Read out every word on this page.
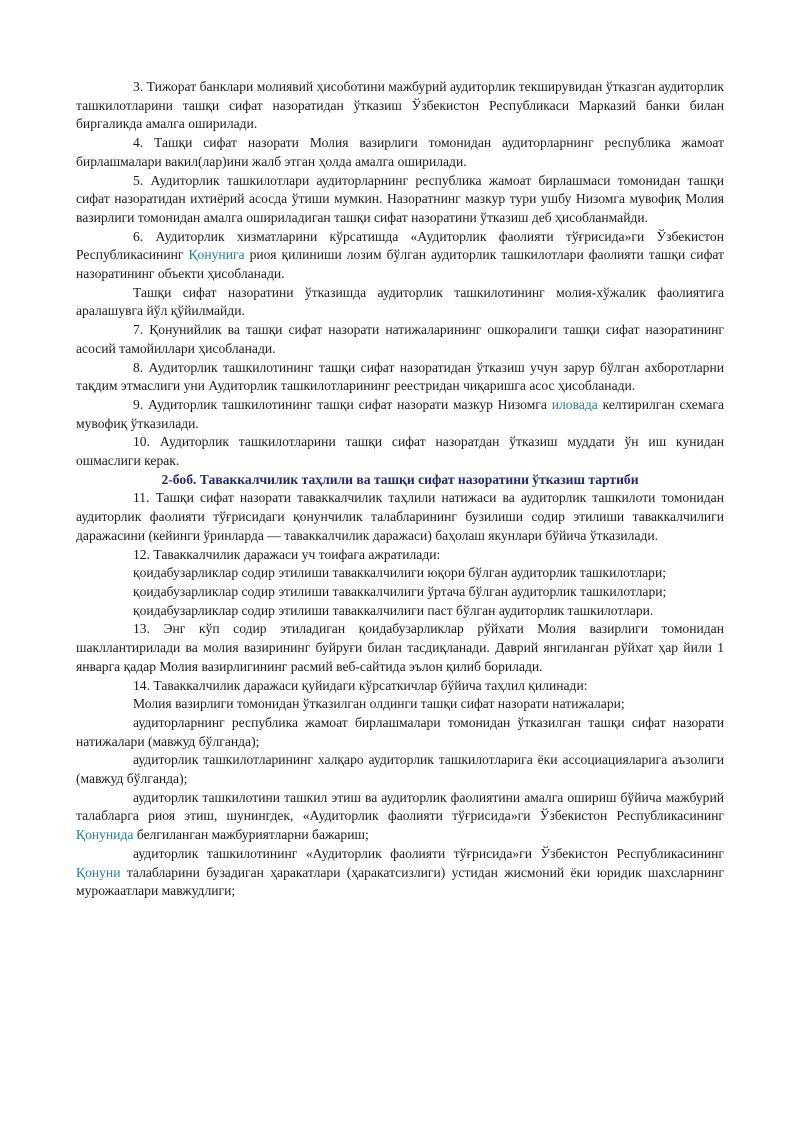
3. Тижорат банклари молиявий ҳисоботини мажбурий аудиторлик текширувидан ўтказган аудиторлик ташкилотларини ташқи сифат назоратидан ўтказиш Ўзбекистон Республикаси Марказий банки билан биргаликда амалга оширилади.

4. Ташқи сифат назорати Молия вазирлиги томонидан аудиторларнинг республика жамоат бирлашмалари вакил(лар)ини жалб этган ҳолда амалга оширилади.

5. Аудиторлик ташкилотлари аудиторларнинг республика жамоат бирлашмаси томонидан ташқи сифат назоратидан ихтиёрий асосда ўтиши мумкин. Назоратнинг мазкур тури ушбу Низомга мувофиқ Молия вазирлиги томонидан амалга ошириладиган ташқи сифат назоратини ўтказиш деб ҳисобланмайди.

6. Аудиторлик хизматларини кўрсатишда «Аудиторлик фаолияти тўғрисида»ги Ўзбекистон Республикасининг Қонунига риоя қилиниши лозим бўлган аудиторлик ташкилотлари фаолияти ташқи сифат назоратининг объекти ҳисобланади.

Ташқи сифат назоратини ўтказишда аудиторлик ташкилотининг молия-хўжалик фаолиятига аралашувга йўл қўйилмайди.

7. Қонунийлик ва ташқи сифат назорати натижаларининг ошкоралиги ташқи сифат назоратининг асосий тамойиллари ҳисобланади.

8. Аудиторлик ташкилотининг ташқи сифат назоратидан ўтказиш учун зарур бўлган ахборотларни тақдим этмаслиги уни Аудиторлик ташкилотларининг реестридан чиқаришга асос ҳисобланади.

9. Аудиторлик ташкилотининг ташқи сифат назорати мазкур Низомга иловада келтирилган схемага мувофиқ ўтказилади.

10. Аудиторлик ташкилотларини ташқи сифат назоратдан ўтказиш муддати ўн иш кунидан ошмаслиги керак.

2-боб. Таваккалчилик таҳлили ва ташқи сифат назоратини ўтказиш тартиби

11. Ташқи сифат назорати таваккалчилик таҳлили натижаси ва аудиторлик ташкилоти томонидан аудиторлик фаолияти тўғрисидаги қонунчилик талабларининг бузилиши содир этилиши таваккалчилиги даражасини (кейинги ўринларда — таваккалчилик даражаси) баҳолаш якунлари бўйича ўтказилади.

12. Таваккалчилик даражаси уч тоифага ажратилади:

қоидабузарликлар содир этилиши таваккалчилиги юқори бўлган аудиторлик ташкилотлари;

қоидабузарликлар содир этилиши таваккалчилиги ўртача бўлган аудиторлик ташкилотлари;

қоидабузарликлар содир этилиши таваккалчилиги паст бўлган аудиторлик ташкилотлари.

13. Энг кўп содир этиладиган қоидабузарликлар рўйхати Молия вазирлиги томонидан шакллантирилади ва молия вазирининг буйруғи билан тасдиқланади. Даврий янгиланган рўйхат ҳар йили 1 январга қадар Молия вазирлигининг расмий веб-сайтида эълон қилиб борилади.

14. Таваккалчилик даражаси қуйидаги кўрсаткичлар бўйича таҳлил қилинади:

Молия вазирлиги томонидан ўтказилган олдинги ташқи сифат назорати натижалари;

аудиторларнинг республика жамоат бирлашмалари томонидан ўтказилган ташқи сифат назорати натижалари (мавжуд бўлганда);

аудиторлик ташкилотларининг халқаро аудиторлик ташкилотларига ёки ассоциацияларига аъзолиги (мавжуд бўлганда);

аудиторлик ташкилотини ташкил этиш ва аудиторлик фаолиятини амалга ошириш бўйича мажбурий талабларга риоя этиш, шунингдек, «Аудиторлик фаолияти тўғрисида»ги Ўзбекистон Республикасининг Қонунида белгиланган мажбуриятларни бажариш;

аудиторлик ташкилотининг «Аудиторлик фаолияти тўғрисида»ги Ўзбекистон Республикасининг Қонуни талабларини бузадиган ҳаракатлари (ҳаракатсизлиги) устидан жисмоний ёки юридик шахсларнинг мурожаатлари мавжудлиги;
